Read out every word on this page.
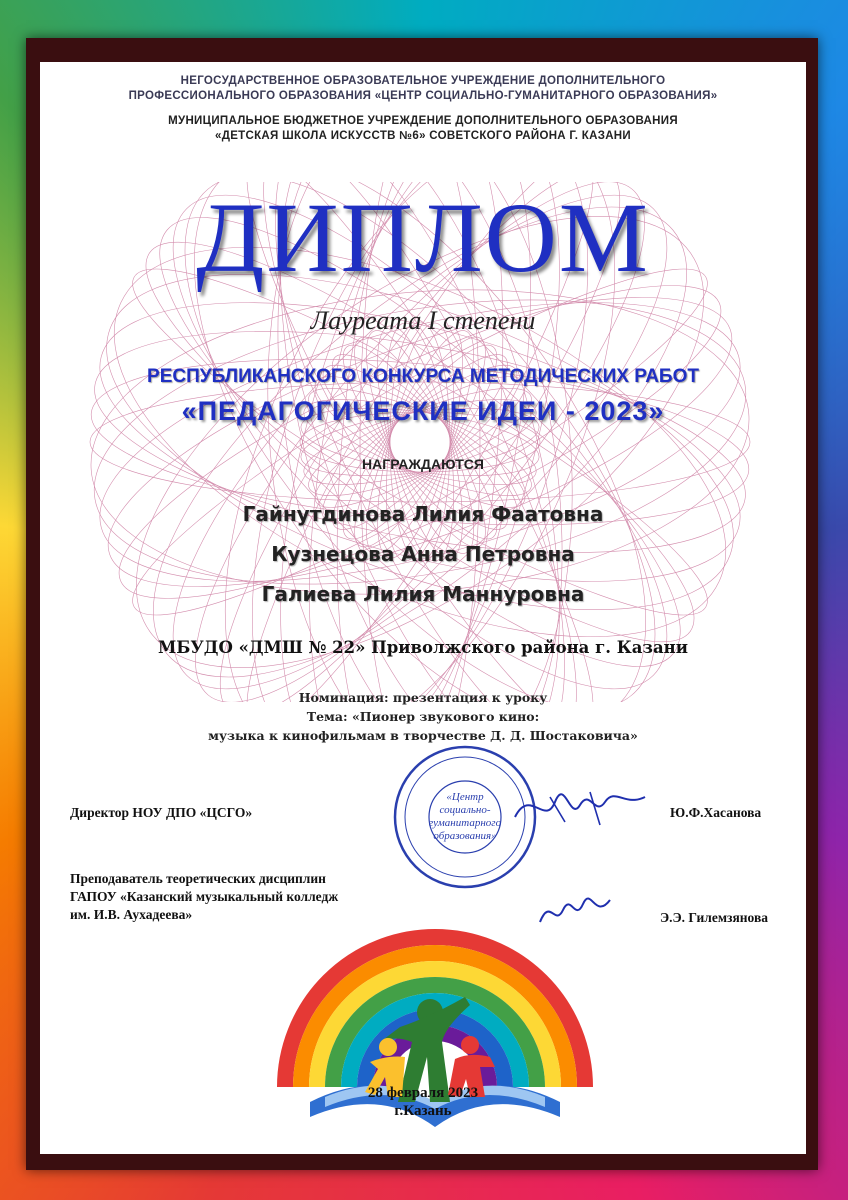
НЕГОСУДАРСТВЕННОЕ ОБРАЗОВАТЕЛЬНОЕ УЧРЕЖДЕНИЕ ДОПОЛНИТЕЛЬНОГО
ПРОФЕССИОНАЛЬНОГО ОБРАЗОВАНИЯ «ЦЕНТР СОЦИАЛЬНО-ГУМАНИТАРНОГО ОБРАЗОВАНИЯ»
МУНИЦИПАЛЬНОЕ БЮДЖЕТНОЕ УЧРЕЖДЕНИЕ ДОПОЛНИТЕЛЬНОГО ОБРАЗОВАНИЯ
«ДЕТСКАЯ ШКОЛА ИСКУССТВ №6» СОВЕТСКОГО РАЙОНА Г. КАЗАНИ
ДИПЛОМ
Лауреата I степени
РЕСПУБЛИКАНСКОГО КОНКУРСА МЕТОДИЧЕСКИХ РАБОТ
«ПЕДАГОГИЧЕСКИЕ ИДЕИ - 2023»
НАГРАЖДАЮТСЯ
Гайнутдинова Лилия Фаатовна
Кузнецова Анна Петровна
Галиева Лилия Маннуровна
МБУДО «ДМШ № 22» Приволжского района г. Казани
Номинация: презентация к уроку
Тема: «Пионер звукового кино:
музыка к кинофильмам в творчестве Д. Д. Шостаковича»
«Центр
социально-
гуманитарного
образования»
Директор НОУ ДПО «ЦСГО»	Ю.Ф.Хасанова
Преподаватель теоретических дисциплин
ГАПОУ «Казанский музыкальный колледж
им. И.В. Аухадеева»	Э.Э. Гилемзянова
28 февраля 2023
г.Казань
